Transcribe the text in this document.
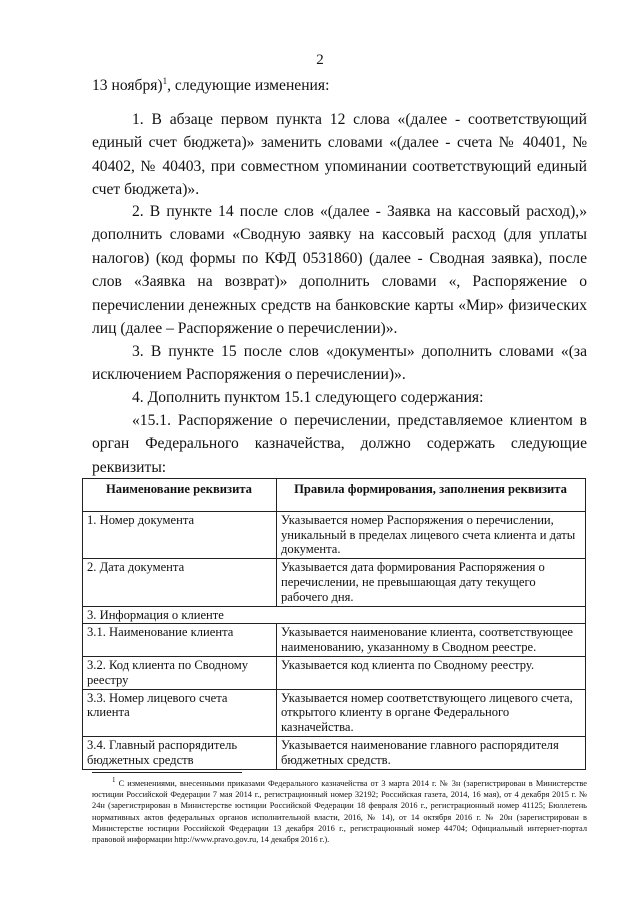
2

13 ноября)$^1$, следующие изменения:

1. В абзаце первом пункта 12 слова «(далее - соответствующий единый счет бюджета)» заменить словами «(далее - счета № 40401, № 40402, № 40403, при совместном упоминании соответствующий единый счет бюджета)».

2. В пункте 14 после слов «(далее - Заявка на кассовый расход),» дополнить словами «Сводную заявку на кассовый расход (для уплаты налогов) (код формы по КФД 0531860) (далее - Сводная заявка), после слов «Заявка на возврат)» дополнить словами «, Распоряжение о перечислении денежных средств на банковские карты «Мир» физических лиц (далее – Распоряжение о перечислении)».

3. В пункте 15 после слов «документы» дополнить словами «(за исключением Распоряжения о перечислении)».

4. Дополнить пунктом 15.1 следующего содержания:

«15.1. Распоряжение о перечислении, представляемое клиентом в орган Федерального казначейства, должно содержать следующие реквизиты:

Наименование реквизита	Правила формирования, заполнения реквизита
1. Номер документа	Указывается номер Распоряжения о перечислении, уникальный в пределах лицевого счета клиента и даты документа.
2. Дата документа	Указывается дата формирования Распоряжения о перечислении, не превышающая дату текущего рабочего дня.
3. Информация о клиенте	
3.1. Наименование клиента	Указывается наименование клиента, соответствующее наименованию, указанному в Сводном реестре.
3.2. Код клиента по Сводному реестру	Указывается код клиента по Сводному реестру.
3.3. Номер лицевого счета клиента	Указывается номер соответствующего лицевого счета, открытого клиенту в органе Федерального казначейства.
3.4. Главный распорядитель бюджетных средств	Указывается наименование главного распорядителя бюджетных средств.

$^1$ С изменениями, внесенными приказами Федерального казначейства от 3 марта 2014 г. № 3н (зарегистрирован в Министерстве юстиции Российской Федерации 7 мая 2014 г., регистрационный номер 32192; Российская газета, 2014, 16 мая), от 4 декабря 2015 г. № 24н (зарегистрирован в Министерстве юстиции Российской Федерации 18 февраля 2016 г., регистрационный номер 41125; Бюллетень нормативных актов федеральных органов исполнительной власти, 2016, № 14), от 14 октября 2016 г. № 20н (зарегистрирован в Министерстве юстиции Российской Федерации 13 декабря 2016 г., регистрационный номер 44704; Официальный интернет-портал правовой информации http://www.pravo.gov.ru, 14 декабря 2016 г.).
